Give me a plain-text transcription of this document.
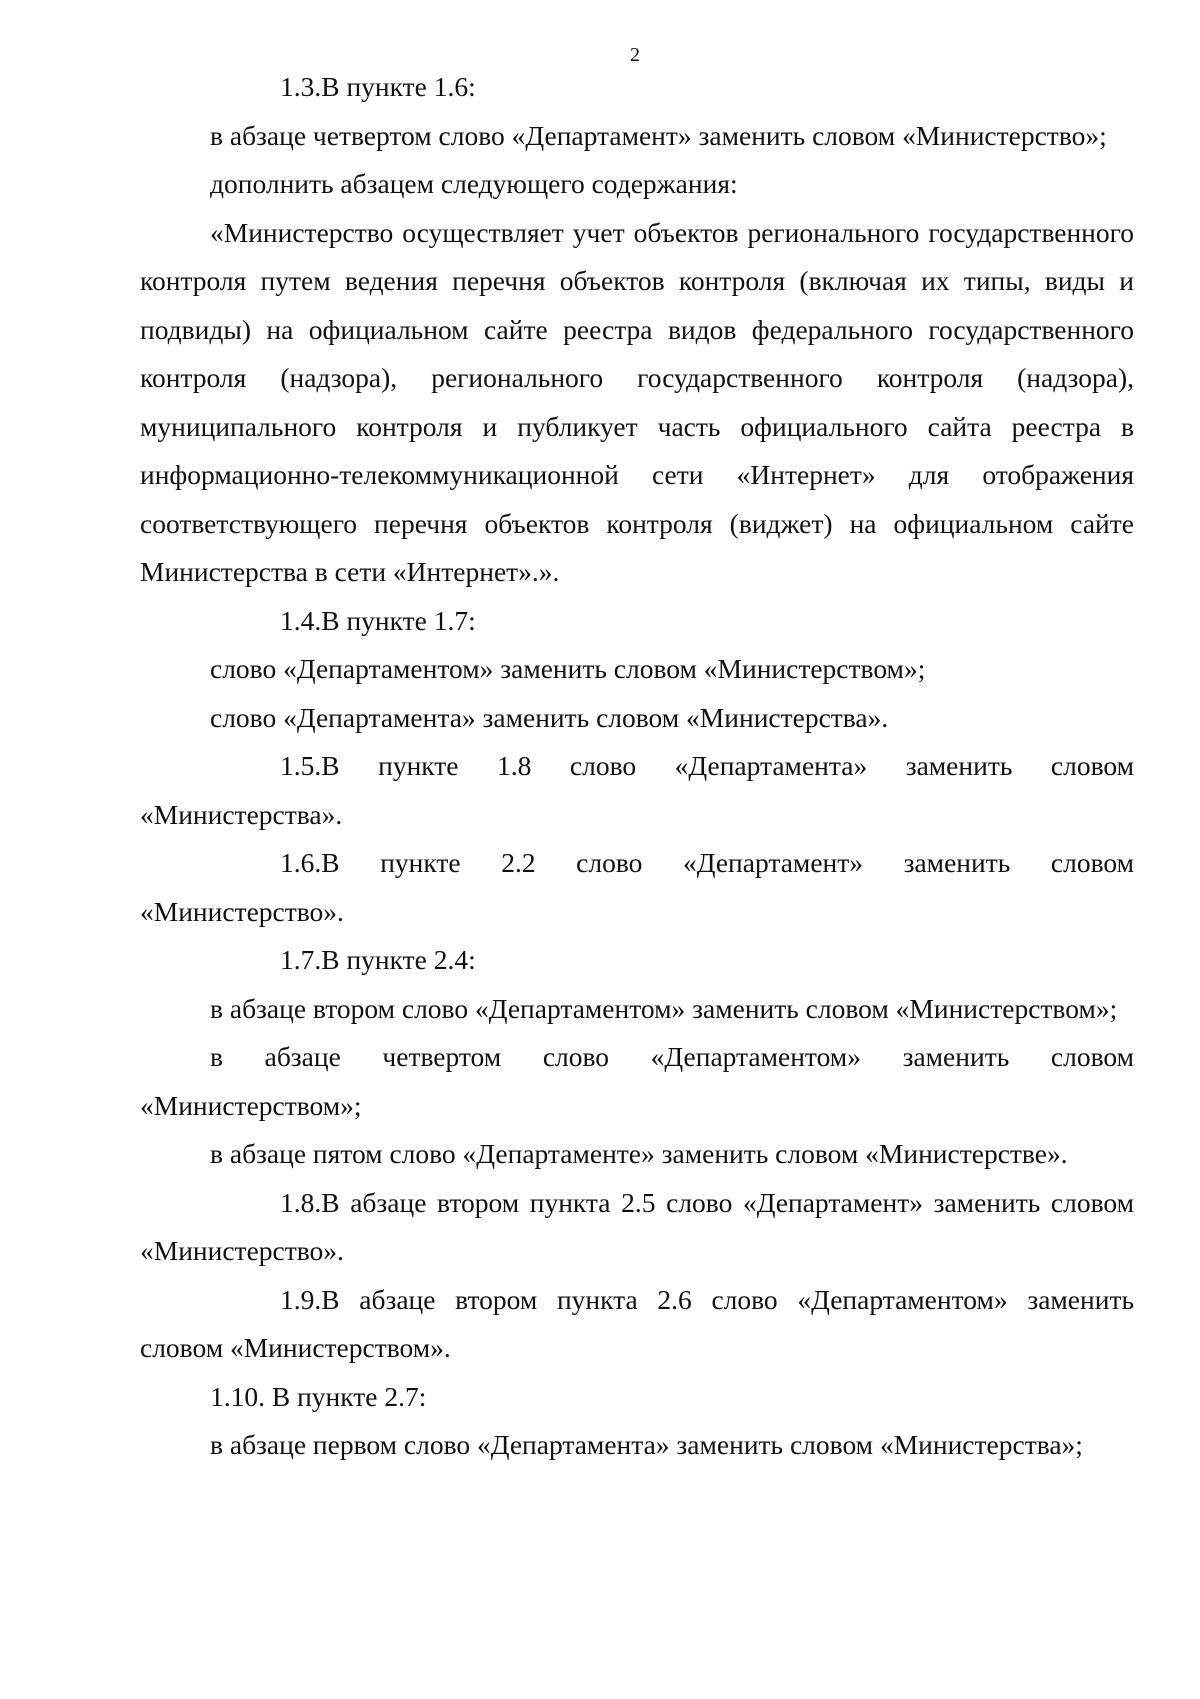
2

1.3.В пункте 1.6:

в абзаце четвертом слово «Департамент» заменить словом «Министерство»;

дополнить абзацем следующего содержания:

«Министерство осуществляет учет объектов регионального государственного контроля путем ведения перечня объектов контроля (включая их типы, виды и подвиды) на официальном сайте реестра видов федерального государственного контроля (надзора), регионального государственного контроля (надзора), муниципального контроля и публикует часть официального сайта реестра в информационно-телекоммуникационной сети «Интернет» для отображения соответствующего перечня объектов контроля (виджет) на официальном сайте Министерства в сети «Интернет».».

1.4.В пункте 1.7:

слово «Департаментом» заменить словом «Министерством»;

слово «Департамента» заменить словом «Министерства».

1.5.В пункте 1.8 слово «Департамента» заменить словом «Министерства».

1.6.В пункте 2.2 слово «Департамент» заменить словом «Министерство».

1.7.В пункте 2.4:

в абзаце втором слово «Департаментом» заменить словом «Министерством»;

в абзаце четвертом слово «Департаментом» заменить словом «Министерством»;

в абзаце пятом слово «Департаменте» заменить словом «Министерстве».

1.8.В абзаце втором пункта 2.5 слово «Департамент» заменить словом «Министерство».

1.9.В абзаце втором пункта 2.6 слово «Департаментом» заменить словом «Министерством».

1.10. В пункте 2.7:

в абзаце первом слово «Департамента» заменить словом «Министерства»;
